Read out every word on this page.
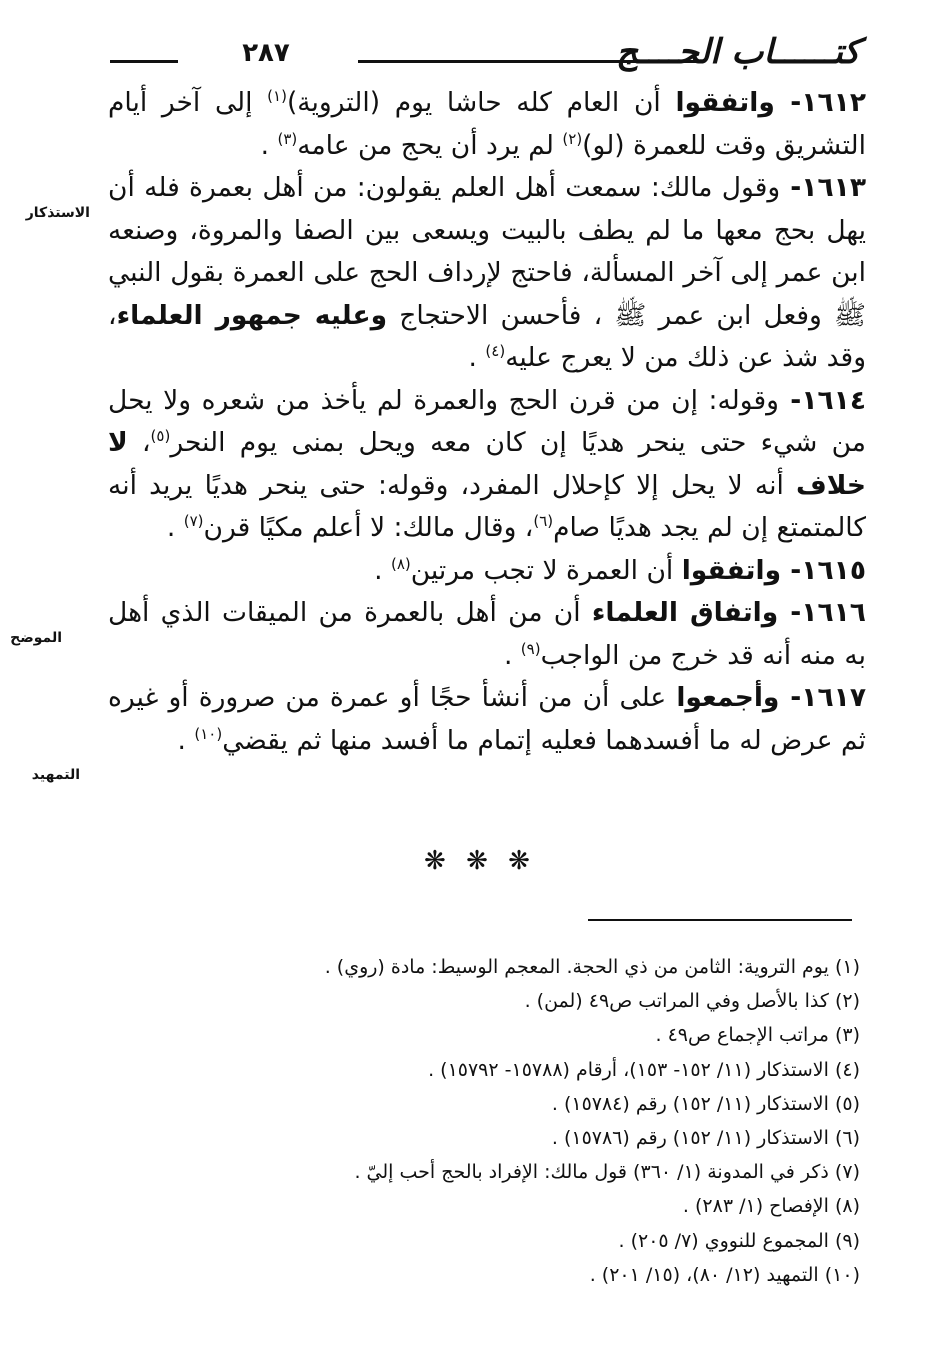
٢٨٧	كتــــــاب الحــــج
الاستذكار
الموضح
التمهيد

١٦١٢- واتفقوا أن العام كله حاشا يوم (التروية)$^{(١)}$ إلى آخر أيام التشريق وقت للعمرة (لو)$^{(٢)}$ لم يرد أن يحج من عامه$^{(٣)}$ .

١٦١٣- وقول مالك: سمعت أهل العلم يقولون: من أهل بعمرة فله أن يهل بحج معها ما لم يطف بالبيت ويسعى بين الصفا والمروة، وصنعه ابن عمر إلى آخر المسألة، فاحتج لإرداف الحج على العمرة بقول النبي ﷺ وفعل ابن عمر ﷺ ، فأحسن الاحتجاج وعليه جمهور العلماء، وقد شذ عن ذلك من لا يعرج عليه$^{(٤)}$ .

١٦١٤- وقوله: إن من قرن الحج والعمرة لم يأخذ من شعره ولا يحل من شيء حتى ينحر هديًا إن كان معه ويحل بمنى يوم النحر$^{(٥)}$، لا خلاف أنه لا يحل إلا كإحلال المفرد، وقوله: حتى ينحر هديًا يريد أنه كالمتمتع إن لم يجد هديًا صام$^{(٦)}$، وقال مالك: لا أعلم مكيًا قرن$^{(٧)}$ .

١٦١٥- واتفقوا أن العمرة لا تجب مرتين$^{(٨)}$ .

١٦١٦- واتفاق العلماء أن من أهل بالعمرة من الميقات الذي أهل به منه أنه قد خرج من الواجب$^{(٩)}$ .

١٦١٧- وأجمعوا على أن من أنشأ حجًا أو عمرة من صرورة أو غيره ثم عرض له ما أفسدهما فعليه إتمام ما أفسد منها ثم يقضي$^{(١٠)}$ .

❋ ❋ ❋
(١) يوم التروية: الثامن من ذي الحجة. المعجم الوسيط: مادة (روي) .
(٢) كذا بالأصل وفي المراتب ص٤٩ (لمن) .
(٣) مراتب الإجماع ص٤٩ .
(٤) الاستذكار (١١/ ١٥٢- ١٥٣)، أرقام (١٥٧٨٨- ١٥٧٩٢) .
(٥) الاستذكار (١١/ ١٥٢) رقم (١٥٧٨٤) .
(٦) الاستذكار (١١/ ١٥٢) رقم (١٥٧٨٦) .
(٧) ذكر في المدونة (١/ ٣٦٠) قول مالك: الإفراد بالحج أحب إليّ .
(٨) الإفصاح (١/ ٢٨٣) .
(٩) المجموع للنووي (٧/ ٢٠٥) .
(١٠) التمهيد (١٢/ ٨٠)، (١٥/ ٢٠١) .
